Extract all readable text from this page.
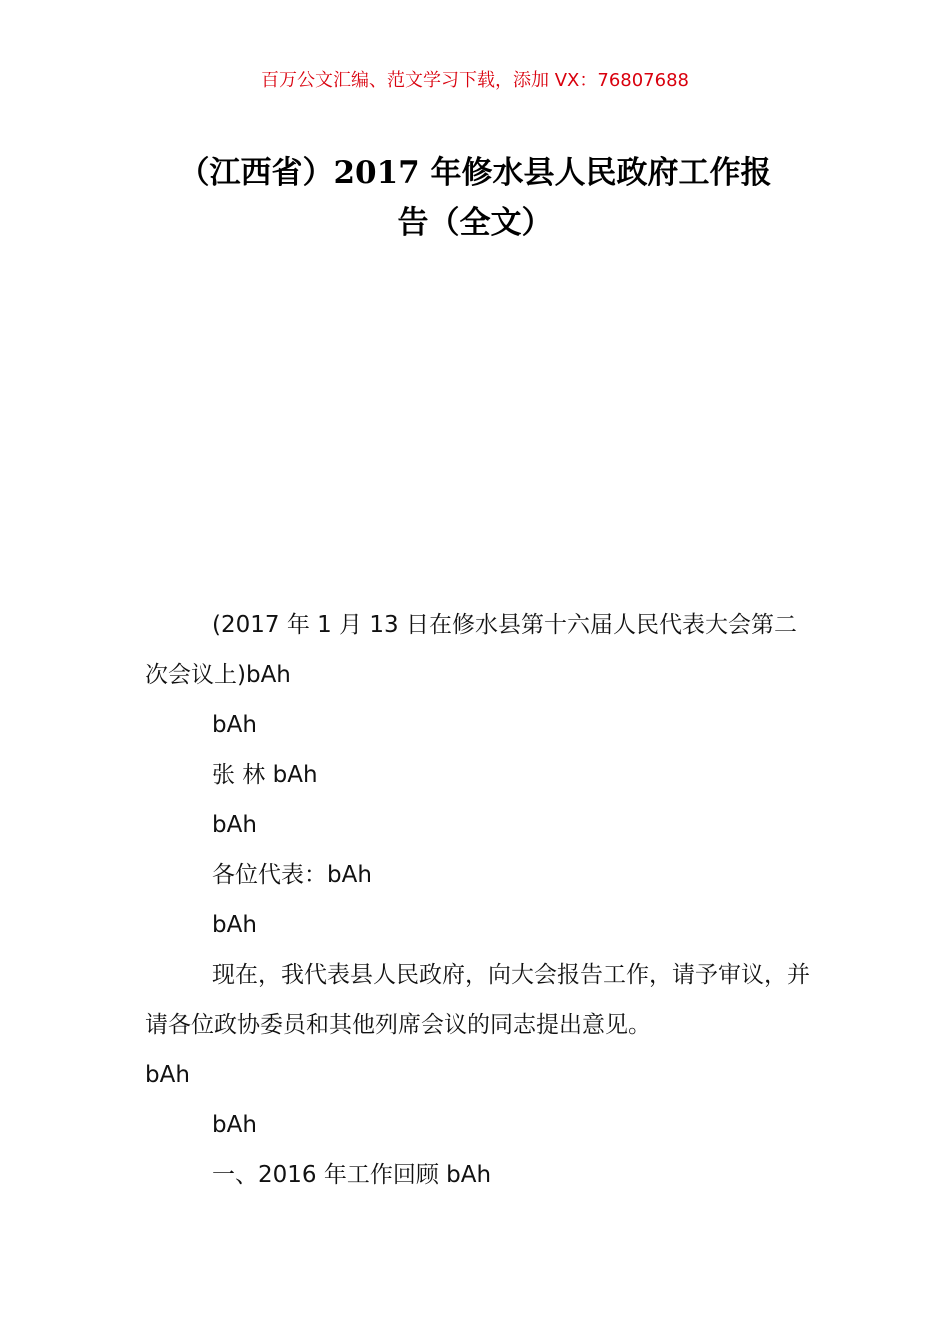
百万公文汇编、范文学习下载，添加 VX：76807688
（江西省）2017 年修水县人民政府工作报
告（全文）

(2017 年 1 月 13 日在修水县第十六届人民代表大会第二次会议上)bAh

bAh

张 林 bAh

bAh

各位代表：bAh

bAh

现在，我代表县人民政府，向大会报告工作，请予审议，并请各位政协委员和其他列席会议的同志提出意见。

bAh

bAh

一、2016 年工作回顾 bAh
